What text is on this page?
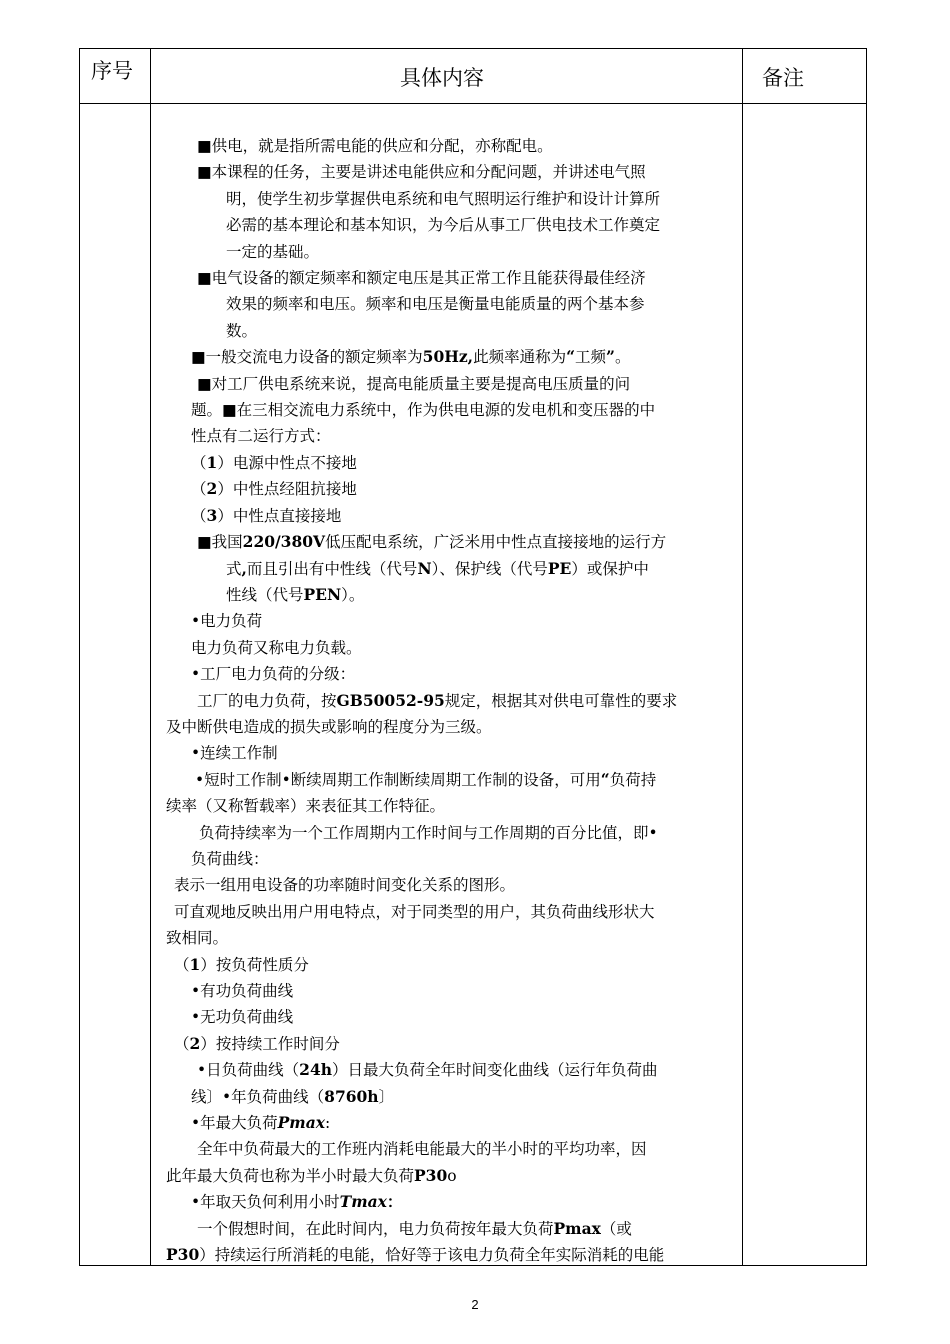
序号	具体内容	备注

■供电，就是指所需电能的供应和分配，亦称配电。

■本课程的任务，主要是讲述电能供应和分配问题，并讲述电气照

明，使学生初步掌握供电系统和电气照明运行维护和设计计算所

必需的基本理论和基本知识，为今后从事工厂供电技术工作奠定

一定的基础。

■电气设备的额定频率和额定电压是其正常工作且能获得最佳经济

效果的频率和电压。频率和电压是衡量电能质量的两个基本参

数。

■一般交流电力设备的额定频率为50Hz,此频率通称为“工频”。

■对工厂供电系统来说，提高电能质量主要是提高电压质量的问

题。■在三相交流电力系统中，作为供电电源的发电机和变压器的中

性点有二运行方式：

（1）电源中性点不接地

（2）中性点经阻抗接地

（3）中性点直接接地

■我国220/380V低压配电系统，广泛米用中性点直接接地的运行方

式,而且引出有中性线（代号N）、保护线（代号PE）或保护中

性线（代号PEN）。

•电力负荷

电力负荷又称电力负载。

•工厂电力负荷的分级：

工厂的电力负荷，按GB50052-95规定，根据其对供电可靠性的要求

及中断供电造成的损失或影响的程度分为三级。

•连续工作制

•短时工作制•断续周期工作制断续周期工作制的设备，可用“负荷持

续率（又称暂载率）来表征其工作特征。

负荷持续率为一个工作周期内工作时间与工作周期的百分比值，即•

负荷曲线：

表示一组用电设备的功率随时间变化关系的图形。

可直观地反映出用户用电特点，对于同类型的用户，其负荷曲线形状大

致相同。

（1）按负荷性质分

•有功负荷曲线

•无功负荷曲线

（2）按持续工作时间分

•日负荷曲线（24h）日最大负荷全年时间变化曲线（运行年负荷曲

线〕•年负荷曲线（8760h〕

•年最大负荷Pmax:

全年中负荷最大的工作班内消耗电能最大的半小时的平均功率，因

此年最大负荷也称为半小时最大负荷P30o

•年取天负何利用小时Tmax：

一个假想时间，在此时间内，电力负荷按年最大负荷Pmax（或

P30）持续运行所消耗的电能，恰好等于该电力负荷全年实际消耗的电能

2
